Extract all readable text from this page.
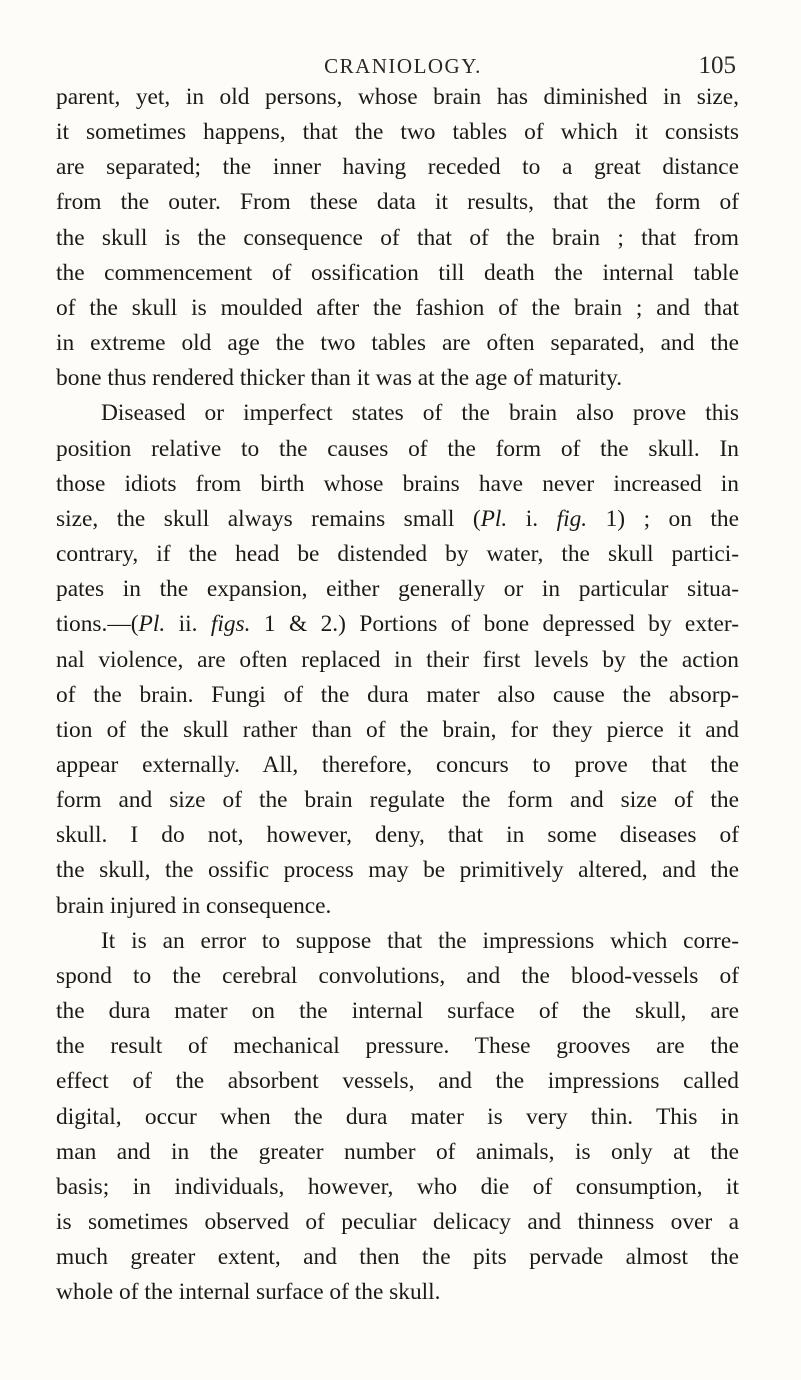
CRANIOLOGY.	105

parent, yet, in old persons, whose brain has diminished in size,
it sometimes happens, that the two tables of which it consists
are separated; the inner having receded to a great distance
from the outer. From these data it results, that the form of
the skull is the consequence of that of the brain ; that from
the commencement of ossification till death the internal table
of the skull is moulded after the fashion of the brain ; and that
in extreme old age the two tables are often separated, and the
bone thus rendered thicker than it was at the age of maturity.

Diseased or imperfect states of the brain also prove this
position relative to the causes of the form of the skull. In
those idiots from birth whose brains have never increased in
size, the skull always remains small (Pl. i. fig. 1) ; on the
contrary, if the head be distended by water, the skull partici-
pates in the expansion, either generally or in particular situa-
tions.—(Pl. ii. figs. 1 & 2.) Portions of bone depressed by exter-
nal violence, are often replaced in their first levels by the action
of the brain. Fungi of the dura mater also cause the absorp-
tion of the skull rather than of the brain, for they pierce it and
appear externally. All, therefore, concurs to prove that the
form and size of the brain regulate the form and size of the
skull. I do not, however, deny, that in some diseases of
the skull, the ossific process may be primitively altered, and the
brain injured in consequence.

It is an error to suppose that the impressions which corre-
spond to the cerebral convolutions, and the blood-vessels of
the dura mater on the internal surface of the skull, are
the result of mechanical pressure. These grooves are the
effect of the absorbent vessels, and the impressions called
digital, occur when the dura mater is very thin. This in
man and in the greater number of animals, is only at the
basis; in individuals, however, who die of consumption, it
is sometimes observed of peculiar delicacy and thinness over a
much greater extent, and then the pits pervade almost the
whole of the internal surface of the skull.
